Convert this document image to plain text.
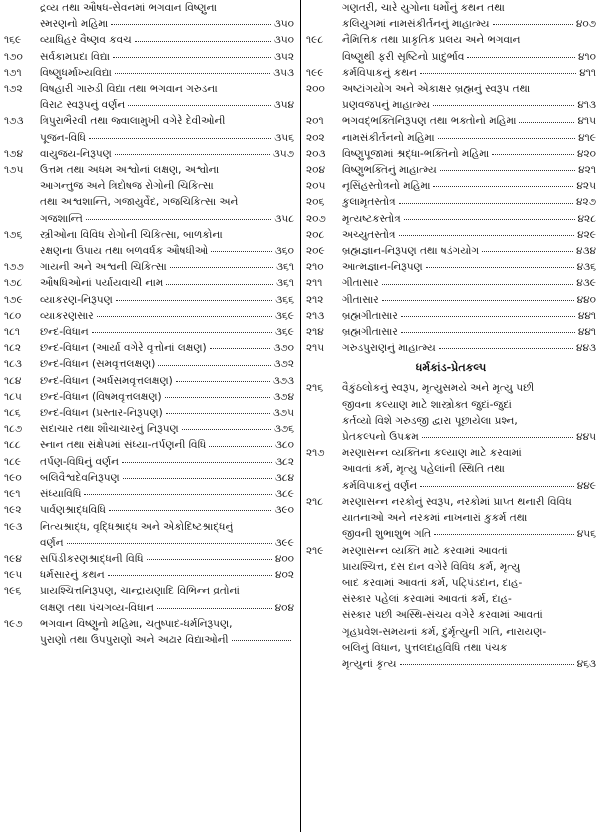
દ્રવ્ય તથા ઔષધ-સેવનમાં ભગવાન વિષ્ણુના
સ્મરણનો મહિમા	૩૫૦
૧૬૯	વ્યાધિહર વૈષ્ણવ કવચ	૩૫૦
૧૭૦	સર્વકામપ્રદા વિદ્યા	૩૫૨
૧૭૧	વિષ્ણુધર્માખ્યવિદ્યા	૩૫૩
૧૭૨	વિષહારી ગારુડી વિદ્યા તથા ભગવાન ગરુડના
વિરાટ સ્વરૂપનું વર્ણન	૩૫૪
૧૭૩	ત્રિપુરાભૈરવી તથા જ્વાલામુખી વગેરે દેવીઓની
પૂજન-વિધિ	૩૫૬
૧૭૪	વાયુજય-નિરૂપણ	૩૫૭
૧૭૫	ઉત્તમ તથા અધમ અશ્વોનાં લક્ષણ, અશ્વોના
આગન્તુજ અને ત્રિદોષજ રોગોની ચિકિત્સા
તથા અશ્વશાન્તિ, ગજાયુર્વેદ, ગજચિકિત્સા અને
ગજશાન્તિ	૩૫૮
૧૭૬	સ્ત્રીઓના વિવિધ રોગોની ચિકિત્સા, બાળકોના
રક્ષણના ઉપાય તથા બળવર્ધક ઔષધીઓ	૩૬૦
૧૭૭	ગાયની અને અશ્વની ચિકિત્સા	૩૬૧
૧૭૮	ઔષધિઓનાં પર્યાયવાચી નામ	૩૬૧
૧૭૯	વ્યાકરણ-નિરૂપણ	૩૬૬
૧૮૦	વ્યાકરણસાર	૩૬૯
૧૮૧	છન્દ-વિધાન	૩૬૯
૧૮૨	છન્દ-વિધાન (આર્યા વગેરે વૃત્તોનાં લક્ષણ)	૩૭૦
૧૮૩	છન્દ-વિધાન (સમવૃત્તલક્ષણ)	૩૭૨
૧૮૪	છન્દ-વિધાન (અર્ધસમવૃત્તલક્ષણ)	૩૭૩
૧૮૫	છન્દ-વિધાન (વિષમવૃત્તલક્ષણ)	૩૭૪
૧૮૬	છન્દ-વિધાન (પ્રસ્તાર-નિરૂપણ)	૩૭૫
૧૮૭	સદાચાર તથા શૌચાચારનું નિરૂપણ	૩૭૬
૧૮૮	સ્નાન તથા સંક્ષેપમાં સંધ્યા-તર્પણની વિધિ	૩૮૦
૧૮૯	તર્પણ-વિધિનું વર્ણન	૩૮૨
૧૯૦	બલિવૈશ્વદેવનિરૂપણ	૩૮૪
૧૯૧	સંધ્યાવિધિ	૩૮૯
૧૯૨	પાર્વણશ્રાદ્ધવિધિ	૩૯૦
૧૯૩	નિત્યશ્રાદ્ધ, વૃદ્ધિશ્રાદ્ધ અને એકોદિષ્ટશ્રાદ્ધનું
વર્ણન	૩૯૯
૧૯૪	સપિંડીકરણશ્રાદ્ધની વિધિ	૪૦૦
૧૯૫	ધર્મસારનું કથન	૪૦૨
૧૯૬	પ્રાયશ્ચિત્તનિરૂપણ, ચાન્દ્રાયણાદિ વિભિન્ન વ્રતોનાં
લક્ષણ તથા પંચગવ્ય-વિધાન	૪૦૪
૧૯૭	ભગવાન વિષ્ણુનો મહિમા, ચતુષ્પાદ-ધર્મનિરૂપણ,
પુરાણો તથા ઉપપુરાણો અને અઢાર વિદ્યાઓની
ગણતરી, ચારે યુગોના ધર્મોનું કથન તથા
કલિયુગમાં નામસંકીર્તનનું માહાત્મ્ય	૪૦૭
૧૯૮	નૈમિત્તિક તથા પ્રાકૃતિક પ્રલય અને ભગવાન
વિષ્ણુથી ફરી સૃષ્ટિનો પ્રાદુર્ભાવ	૪૧૦
૧૯૯	કર્મવિપાકનું કથન	૪૧૧
૨૦૦	અષ્ટાંગયોગ અને એકાક્ષર બ્રહ્મનું સ્વરૂપ તથા
પ્રણવજપનું માહાત્મ્ય	૪૧૩
૨૦૧	ભગવદ્ભક્તિનિરૂપણ તથા ભક્તોનો મહિમા	૪૧૫
૨૦૨	નામસંકીર્તનનો મહિમા	૪૧૯
૨૦૩	વિષ્ણુપૂજામાં શ્રદ્ધા-ભક્તિનો મહિમા	૪૨૦
૨૦૪	વિષ્ણુભક્તિનું માહાત્મ્ય	૪૨૧
૨૦૫	નૃસિંહસ્તોત્રનો મહિમા	૪૨૫
૨૦૬	કુલામૃતસ્તોત્ર	૪૨૭
૨૦૭	મૃત્યષ્ટકસ્તોત્ર	૪૨૮
૨૦૮	અચ્યુતસ્તોત્ર	૪૨૯
૨૦૯	બ્રહ્મજ્ઞાન-નિરૂપણ તથા ષડંગયોગ	૪૩૪
૨૧૦	આત્મજ્ઞાન-નિરૂપણ	૪૩૬
૨૧૧	ગીતાસાર	૪૩૯
૨૧૨	ગીતાસાર	૪૪૦
૨૧૩	બ્રહ્મગીતાસાર	૪૪૧
૨૧૪	બ્રહ્મગીતાસાર	૪૪૧
૨૧૫	ગરુડપુરાણનું માહાત્મ્ય	૪૪૩
ધર્મકાંડ-પ્રેતકલ્પ
૨૧૬	વૈકુંઠલોકનું સ્વરૂપ, મૃત્યુસમયે અને મૃત્યુ પછી
જીવના કલ્યાણ માટે શાસ્ત્રોક્ત જુદાં-જુદાં
કર્તવ્યો વિશે ગરુડજી દ્વારા પૂછાયેલા પ્રશ્ન,
પ્રેતકલ્પનો ઉપક્રમ	૪૪૫
૨૧૭	મરણાસન્ન વ્યક્તિના કલ્યાણ માટે કરવામાં
આવતાં કર્મ, મૃત્યુ પહેલાંની સ્થિતિ તથા
કર્મવિપાકનું વર્ણન	૪૪૯
૨૧૮	મરણાસન્ન નરકોનું સ્વરૂપ, નરકોમાં પ્રાપ્ત થનારી વિવિધ
યાતનાઓ અને નરકમાં નાખનારાં કુકર્મ તથા
જીવની શુભાશુભ ગતિ	૪૫૬
૨૧૯	મરણાસન્ન વ્યક્તિ માટે કરવામાં આવતાં
પ્રાયશ્ચિત્ત, દસ દાન વગેરે વિવિધ કર્મ, મૃત્યુ
બાદ કરવામાં આવતાં કર્મ, પટ્પિંડદાન, દાહ-
સંસ્કાર પહેલાં કરવામાં આવતાં કર્મ, દાહ-
સંસ્કાર પછી અસ્થિ-સંચય વગેરે કરવામાં આવતાં
ગૃહપ્રવેશ-સમયનાં કર્મ, દુર્મૃત્યુની ગતિ, નારાયણ-
બલિનું વિધાન, પુત્તલદાહવિધિ તથા પંચક
મૃત્યુનાં કૃત્ય	૪૬૩
